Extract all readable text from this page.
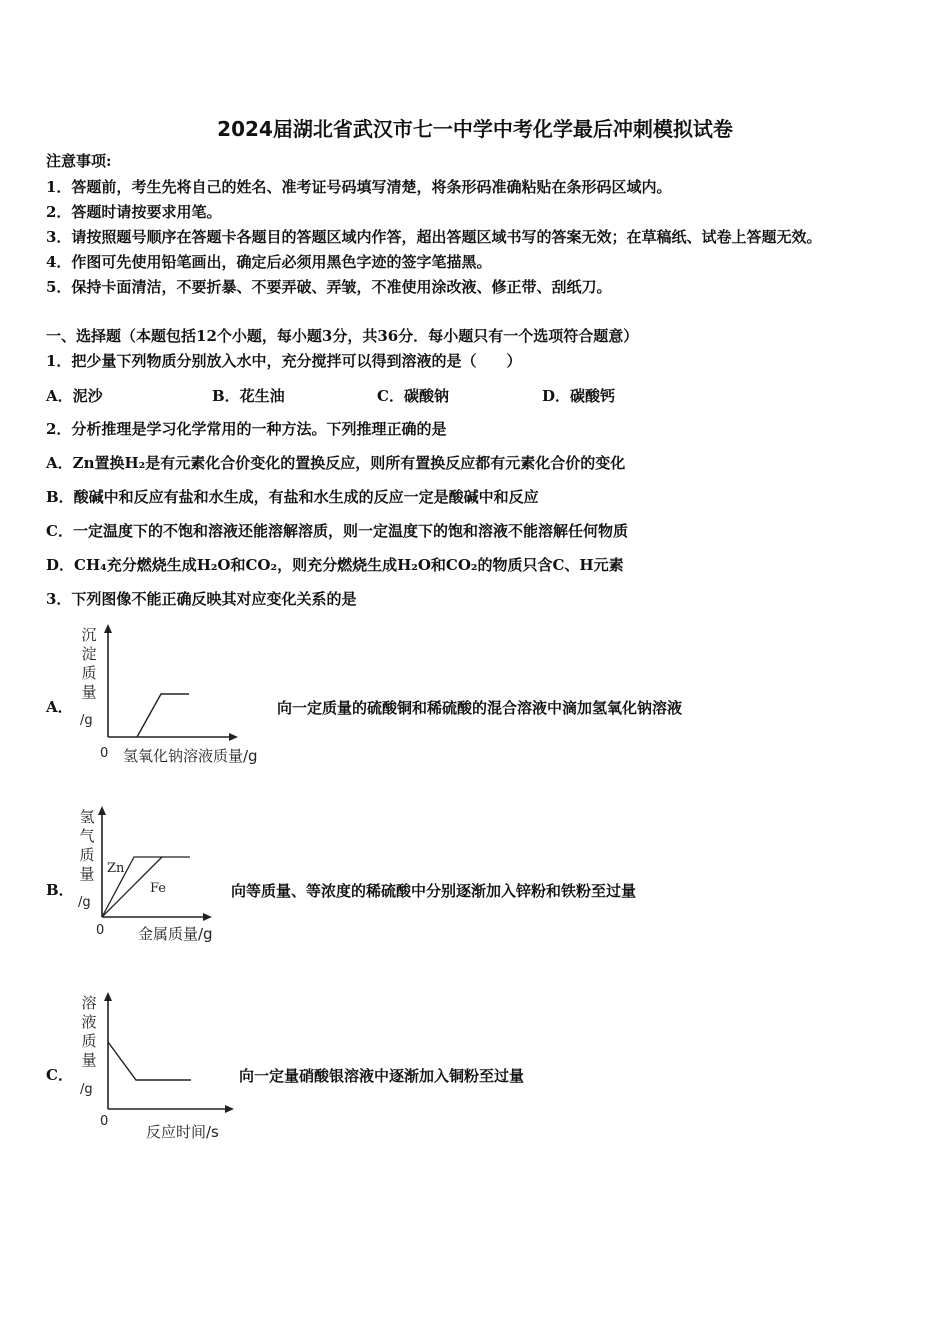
2024届湖北省武汉市七一中学中考化学最后冲刺模拟试卷
注意事项:
1．答题前，考生先将自己的姓名、准考证号码填写清楚，将条形码准确粘贴在条形码区域内。
2．答题时请按要求用笔。
3．请按照题号顺序在答题卡各题目的答题区域内作答，超出答题区域书写的答案无效；在草稿纸、试卷上答题无效。
4．作图可先使用铅笔画出，确定后必须用黑色字迹的签字笔描黑。
5．保持卡面清洁，不要折暴、不要弄破、弄皱，不准使用涂改液、修正带、刮纸刀。
一、选择题（本题包括12个小题，每小题3分，共36分．每小题只有一个选项符合题意）
1．把少量下列物质分别放入水中，充分搅拌可以得到溶液的是（　　）
A．泥沙	B．花生油	C．碳酸钠	D．碳酸钙
2．分析推理是学习化学常用的一种方法。下列推理正确的是
A．Zn置换H₂是有元素化合价变化的置换反应，则所有置换反应都有元素化合价的变化
B．酸碱中和反应有盐和水生成，有盐和水生成的反应一定是酸碱中和反应
C．一定温度下的不饱和溶液还能溶解溶质，则一定温度下的饱和溶液不能溶解任何物质
D．CH₄充分燃烧生成H₂O和CO₂，则充分燃烧生成H₂O和CO₂的物质只含C、H元素
3．下列图像不能正确反映其对应变化关系的是
A．
沉淀质量
/g
0 氢氧化钠溶液质量/g
向一定质量的硫酸铜和稀硫酸的混合溶液中滴加氢氧化钠溶液
B．
氢气质量
/g
0 金属质量/g
Zn
Fe	向等质量、等浓度的稀硫酸中分别逐渐加入锌粉和铁粉至过量
C．
溶液质量
/g
0
反应时间/s
向一定量硝酸银溶液中逐渐加入铜粉至过量
